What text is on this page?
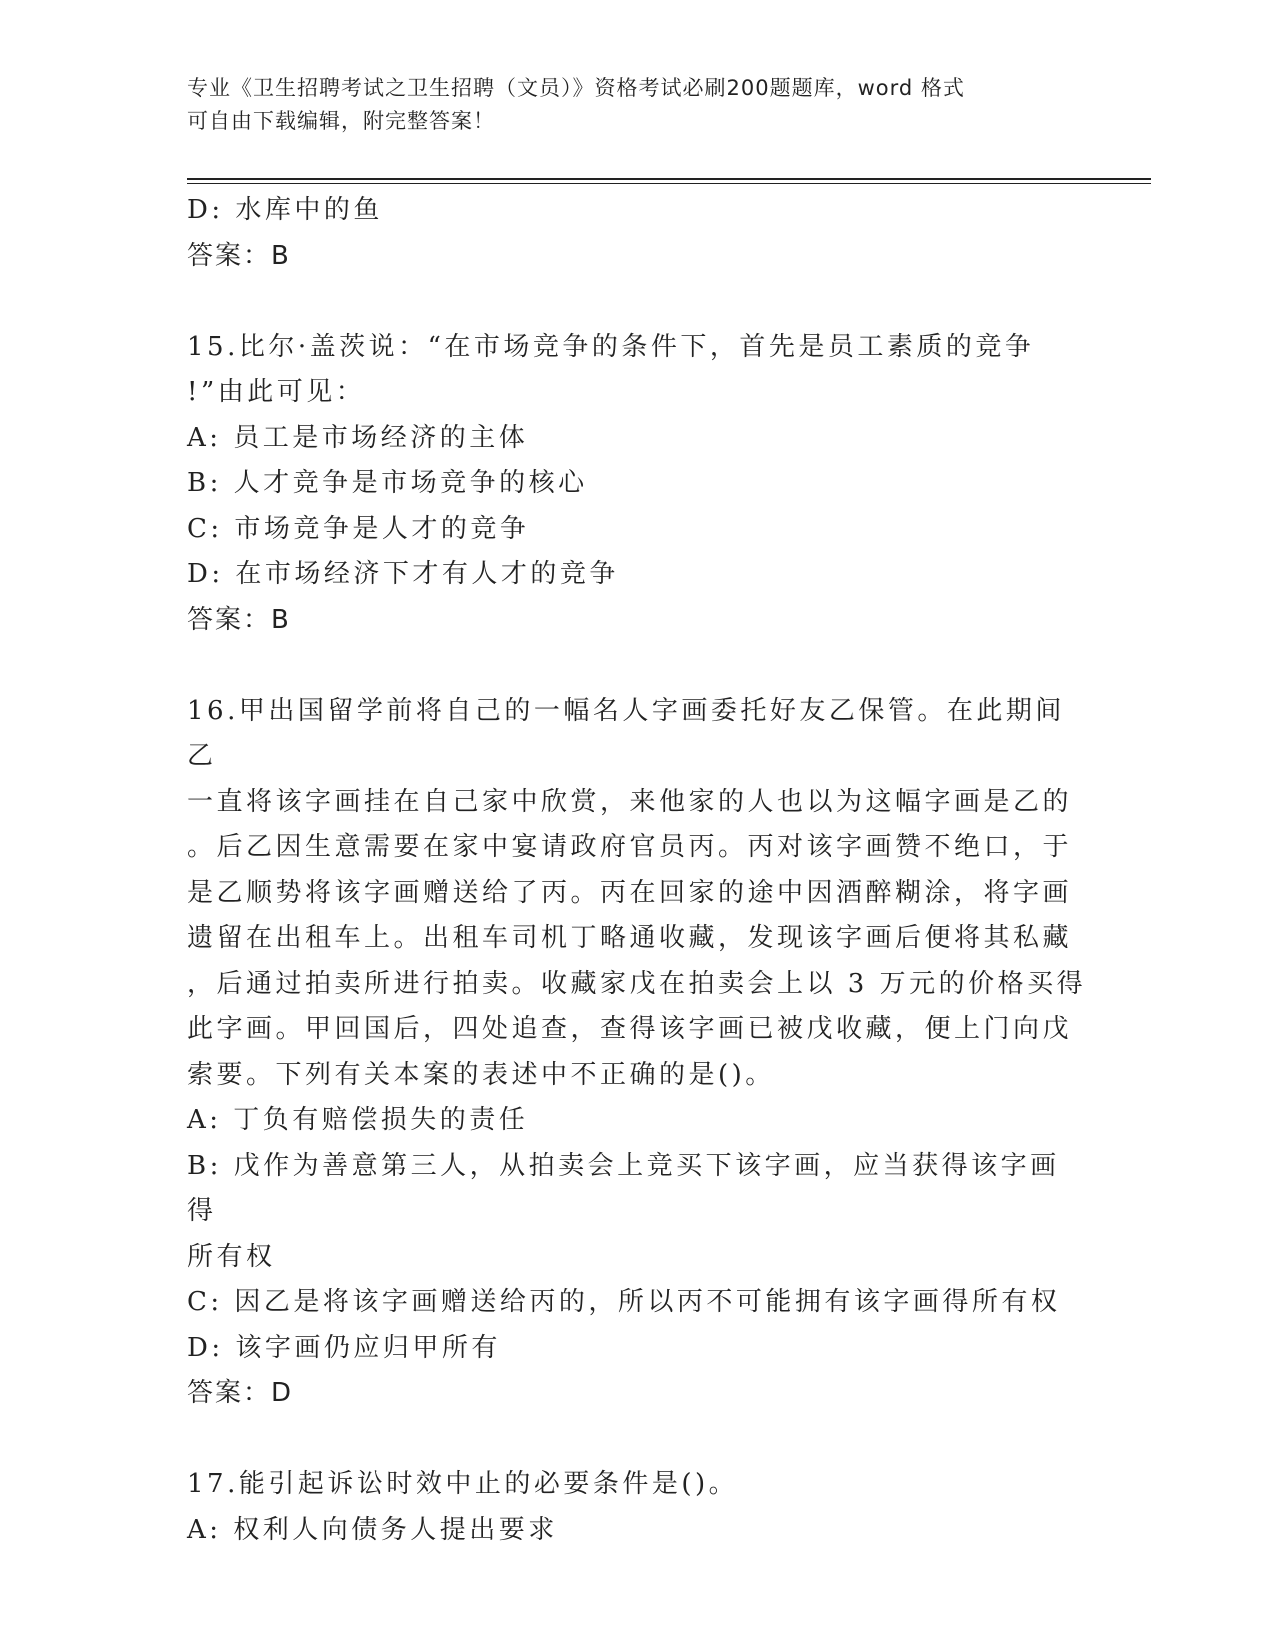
专业《卫生招聘考试之卫生招聘（文员）》资格考试必刷200题题库，word 格式
可自由下载编辑，附完整答案！

D: 水库中的鱼

答案：B

15.比尔·盖茨说：“在市场竞争的条件下，首先是员工素质的竞争

!”由此可见：

A: 员工是市场经济的主体

B: 人才竞争是市场竞争的核心

C: 市场竞争是人才的竞争

D: 在市场经济下才有人才的竞争

答案：B

16.甲出国留学前将自己的一幅名人字画委托好友乙保管。在此期间乙

一直将该字画挂在自己家中欣赏，来他家的人也以为这幅字画是乙的

。后乙因生意需要在家中宴请政府官员丙。丙对该字画赞不绝口，于

是乙顺势将该字画赠送给了丙。丙在回家的途中因酒醉糊涂，将字画

遗留在出租车上。出租车司机丁略通收藏，发现该字画后便将其私藏

，后通过拍卖所进行拍卖。收藏家戊在拍卖会上以 3 万元的价格买得

此字画。甲回国后，四处追查，查得该字画已被戊收藏，便上门向戊

索要。下列有关本案的表述中不正确的是()。

A: 丁负有赔偿损失的责任

B: 戊作为善意第三人，从拍卖会上竞买下该字画，应当获得该字画得

所有权

C: 因乙是将该字画赠送给丙的，所以丙不可能拥有该字画得所有权

D: 该字画仍应归甲所有

答案：D

17.能引起诉讼时效中止的必要条件是()。

A: 权利人向债务人提出要求
